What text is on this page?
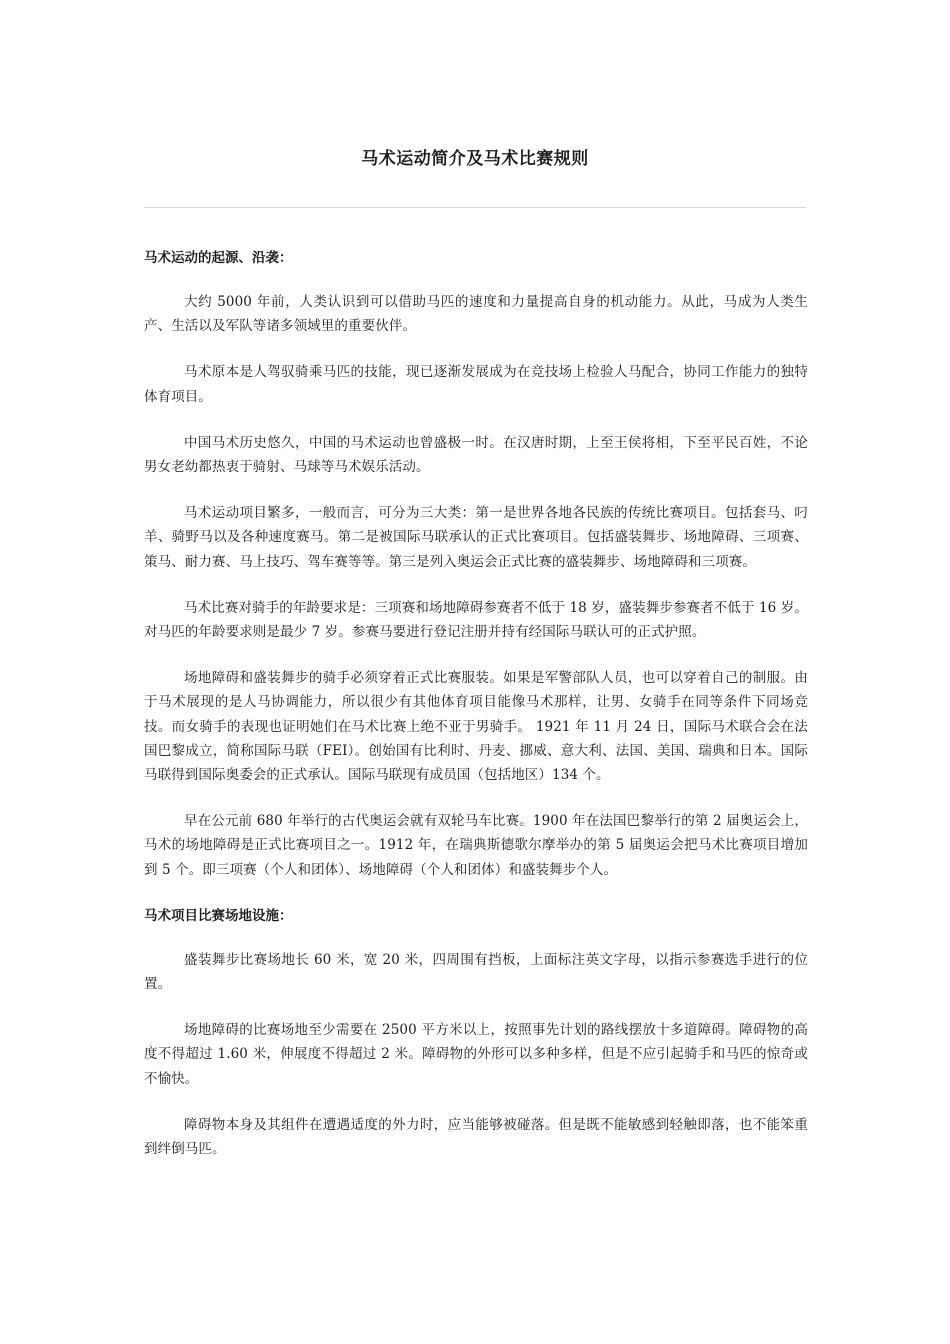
马术运动简介及马术比赛规则
马术运动的起源、沿袭：

大约 5000 年前，人类认识到可以借助马匹的速度和力量提高自身的机动能力。从此，马成为人类生产、生活以及军队等诸多领域里的重要伙伴。

马术原本是人驾驭骑乘马匹的技能，现已逐渐发展成为在竞技场上检验人马配合，协同工作能力的独特体育项目。

中国马术历史悠久，中国的马术运动也曾盛极一时。在汉唐时期，上至王侯将相，下至平民百姓，不论男女老幼都热衷于骑射、马球等马术娱乐活动。

马术运动项目繁多，一般而言，可分为三大类：第一是世界各地各民族的传统比赛项目。包括套马、叼羊、骑野马以及各种速度赛马。第二是被国际马联承认的正式比赛项目。包括盛装舞步、场地障碍、三项赛、策马、耐力赛、马上技巧、驾车赛等等。第三是列入奥运会正式比赛的盛装舞步、场地障碍和三项赛。

马术比赛对骑手的年龄要求是：三项赛和场地障碍参赛者不低于 18 岁，盛装舞步参赛者不低于 16 岁。对马匹的年龄要求则是最少 7 岁。参赛马要进行登记注册并持有经国际马联认可的正式护照。

场地障碍和盛装舞步的骑手必须穿着正式比赛服装。如果是军警部队人员，也可以穿着自己的制服。由于马术展现的是人马协调能力，所以很少有其他体育项目能像马术那样，让男、女骑手在同等条件下同场竞技。而女骑手的表现也证明她们在马术比赛上绝不亚于男骑手。 1921 年 11 月 24 日，国际马术联合会在法国巴黎成立，简称国际马联（FEI）。创始国有比利时、丹麦、挪威、意大利、法国、美国、瑞典和日本。国际马联得到国际奥委会的正式承认。国际马联现有成员国（包括地区）134 个。

早在公元前 680 年举行的古代奥运会就有双轮马车比赛。1900 年在法国巴黎举行的第 2 届奥运会上，马术的场地障碍是正式比赛项目之一。1912 年，在瑞典斯德歌尔摩举办的第 5 届奥运会把马术比赛项目增加到 5 个。即三项赛（个人和团体）、场地障碍（个人和团体）和盛装舞步个人。

马术项目比赛场地设施：

盛装舞步比赛场地长 60 米，宽 20 米，四周围有挡板，上面标注英文字母，以指示参赛选手进行的位置。

场地障碍的比赛场地至少需要在 2500 平方米以上，按照事先计划的路线摆放十多道障碍。障碍物的高度不得超过 1.60 米，伸展度不得超过 2 米。障碍物的外形可以多种多样，但是不应引起骑手和马匹的惊奇或不愉快。

障碍物本身及其组件在遭遇适度的外力时，应当能够被碰落。但是既不能敏感到轻触即落，也不能笨重到绊倒马匹。
